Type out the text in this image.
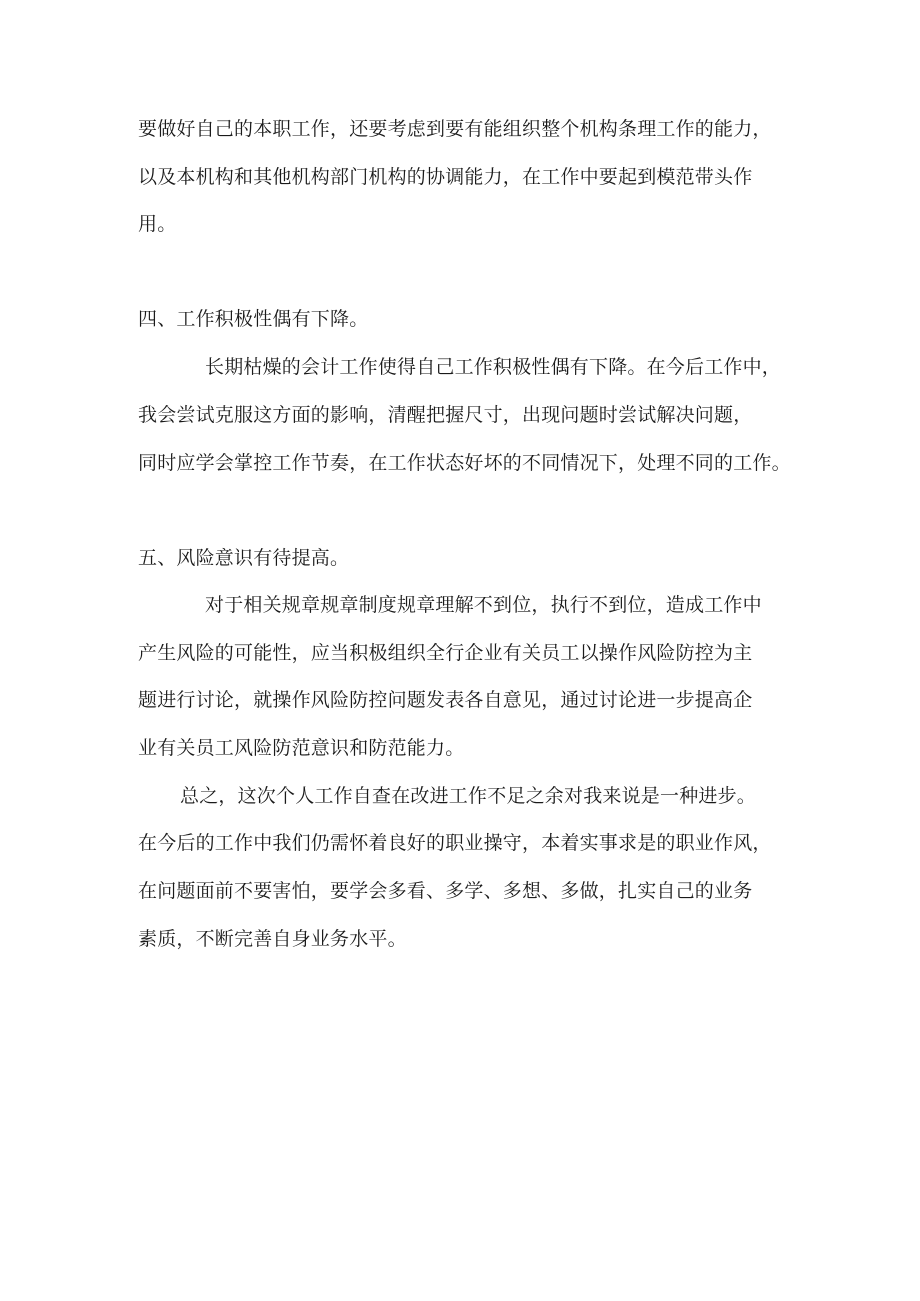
要做好自己的本职工作，还要考虑到要有能组织整个机构条理工作的能力，
以及本机构和其他机构部门机构的协调能力，在工作中要起到模范带头作
用。
四、工作积极性偶有下降。
长期枯燥的会计工作使得自己工作积极性偶有下降。在今后工作中，
我会尝试克服这方面的影响，清醒把握尺寸，出现问题时尝试解决问题，
同时应学会掌控工作节奏，在工作状态好坏的不同情况下，处理不同的工作。
五、风险意识有待提高。
对于相关规章规章制度规章理解不到位，执行不到位，造成工作中
产生风险的可能性，应当积极组织全行企业有关员工以操作风险防控为主
题进行讨论，就操作风险防控问题发表各自意见，通过讨论进一步提高企
业有关员工风险防范意识和防范能力。
总之，这次个人工作自查在改进工作不足之余对我来说是一种进步。
在今后的工作中我们仍需怀着良好的职业操守，本着实事求是的职业作风，
在问题面前不要害怕，要学会多看、多学、多想、多做，扎实自己的业务
素质，不断完善自身业务水平。
